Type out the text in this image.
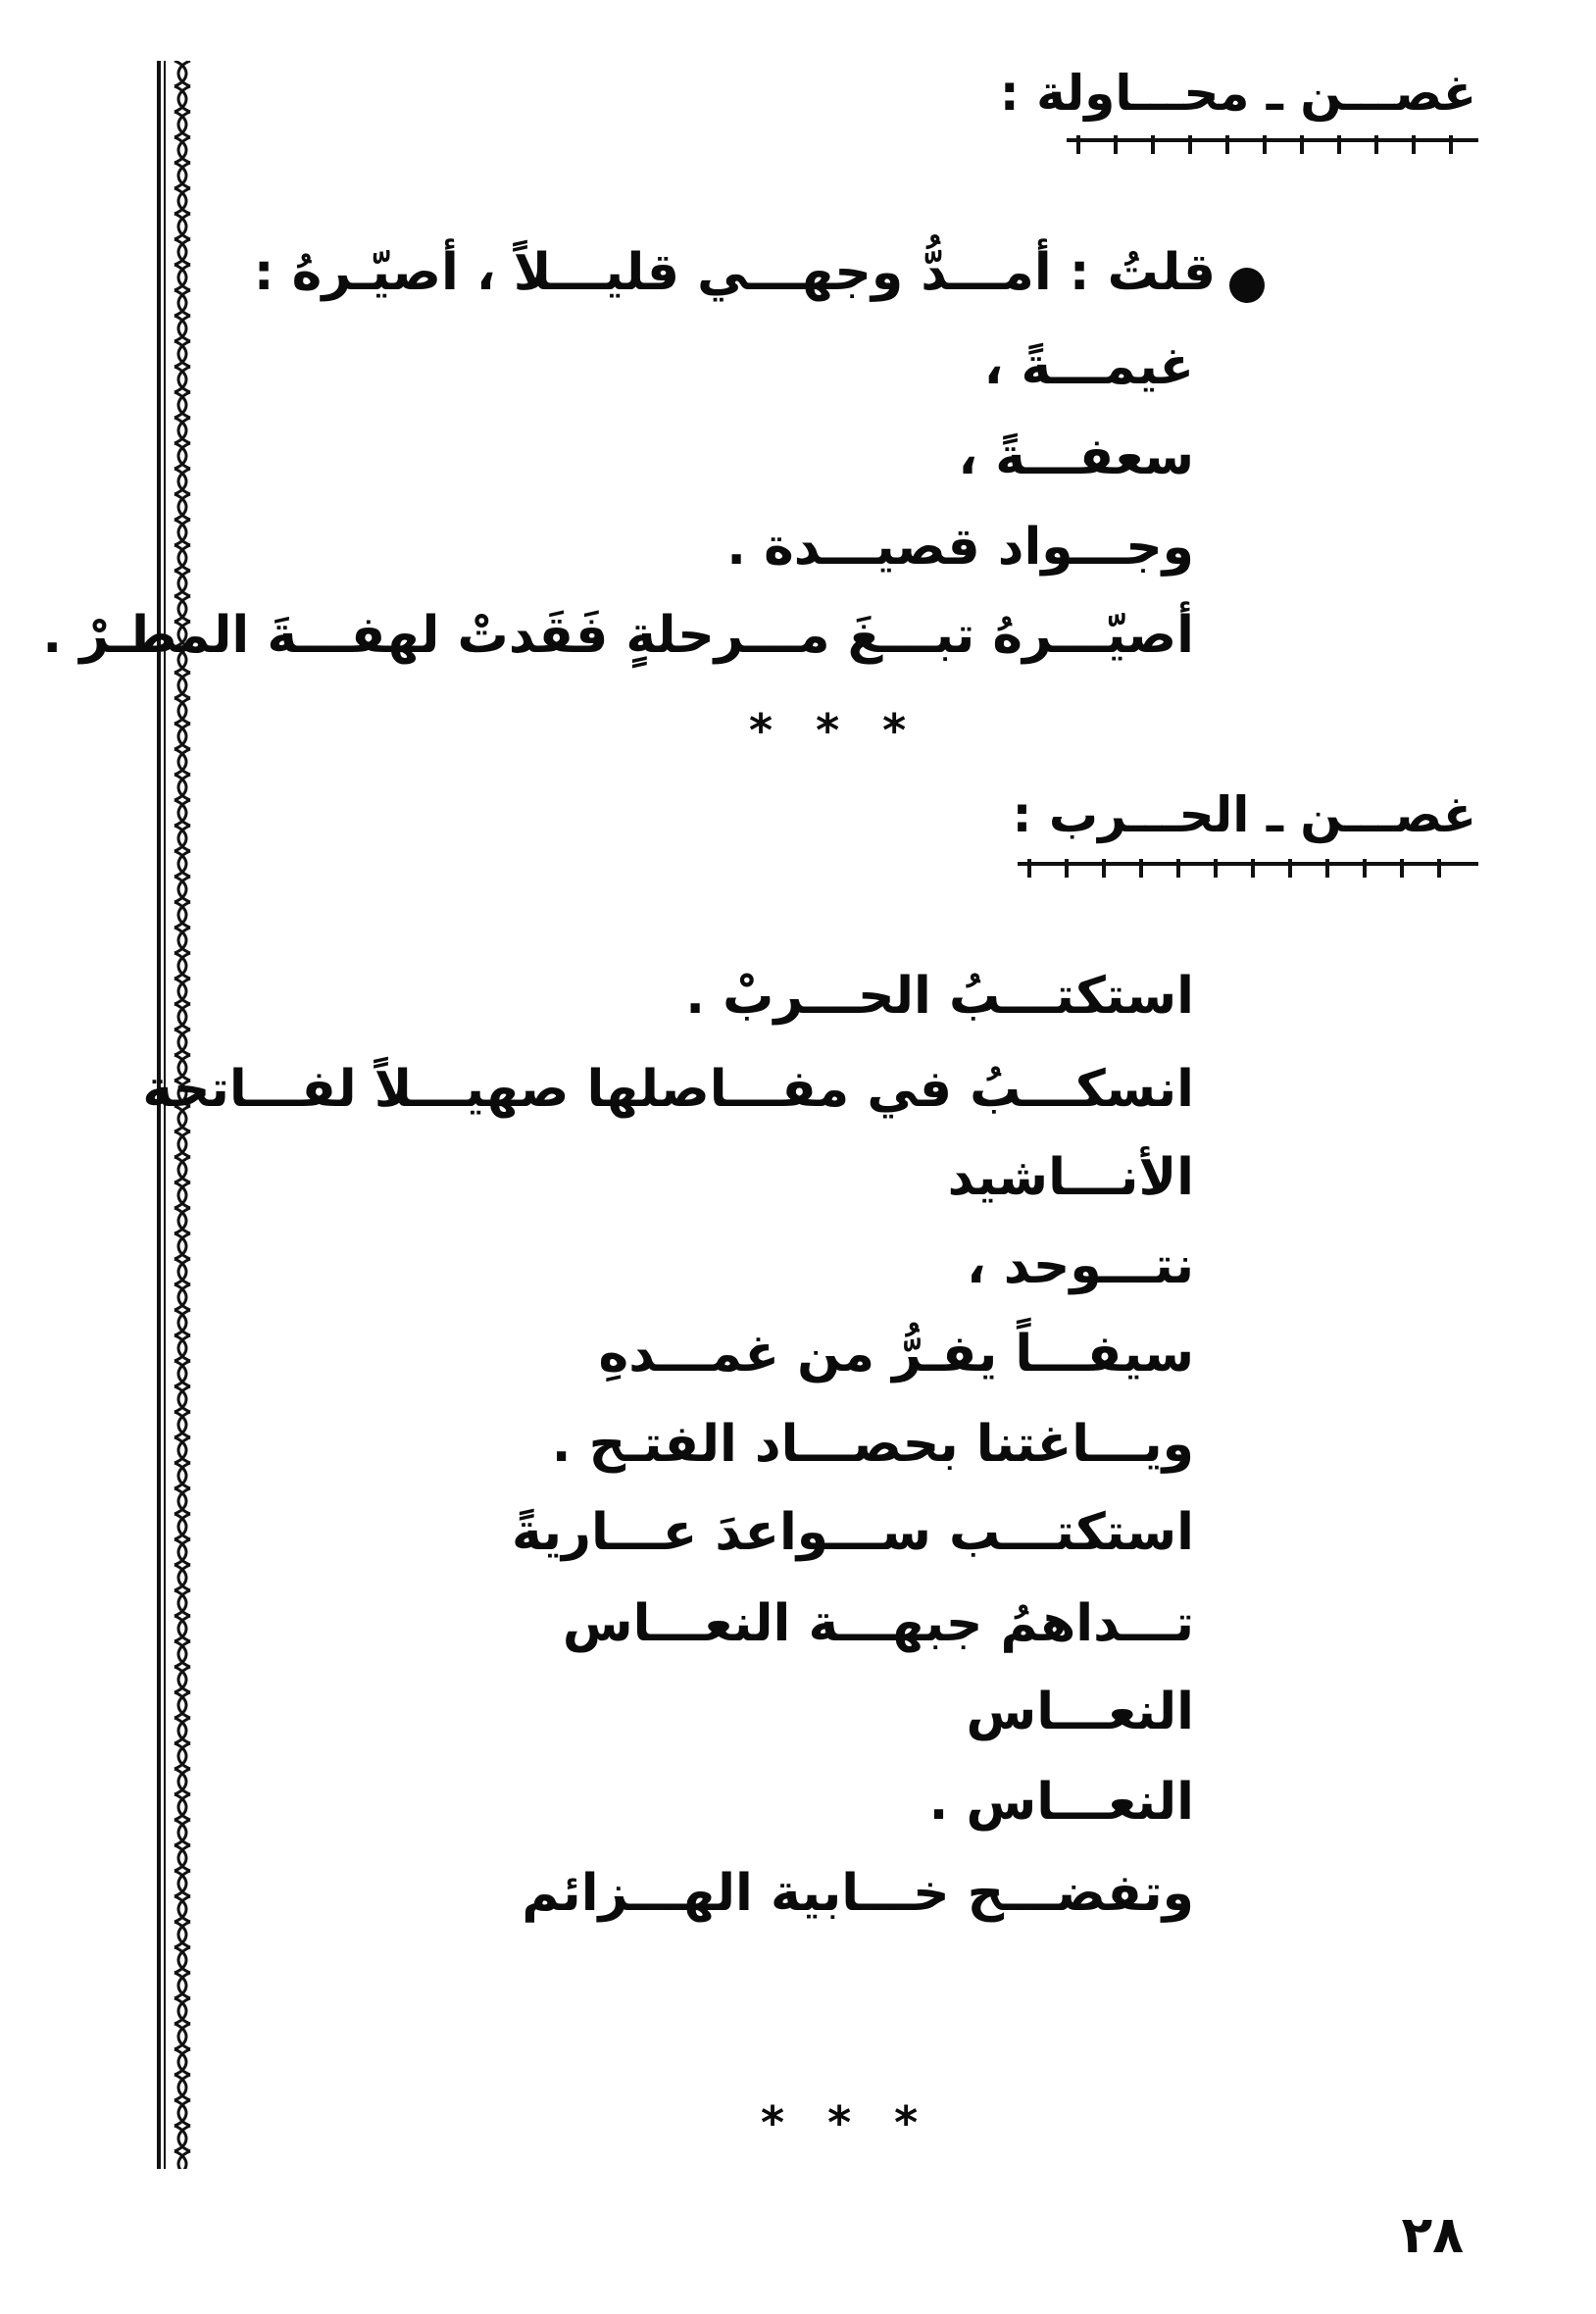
غصـــن ـ محـــاولة :
قلتُ : أمـــدُّ وجهـــي قليـــلاً ، أصيّـرهُ :
غيمـــةً ،
سعفـــةً ،
وجـــواد قصيـــدة .
أصيّـــرهُ تبـــغَ مـــرحلةٍ فَقَدتْ لهفـــةَ المطـرْ .
* * *
غصـــن ـ الحـــرب :
استكتـــبُ الحـــربْ .
انسكـــبُ في مفـــاصلها صهيـــلاً لفـــاتحة
الأنـــاشيد
نتـــوحد ،
سيفـــاً يفـرُّ من غمـــدهِ
ويـــاغتنا بحصـــاد الفتـح .
استكتـــب ســـواعدَ عـــاريةً
تـــداهمُ جبهـــة النعـــاس
النعـــاس
النعـــاس .
وتفضـــح خـــابية الهـــزائم
* * *
٢٨
